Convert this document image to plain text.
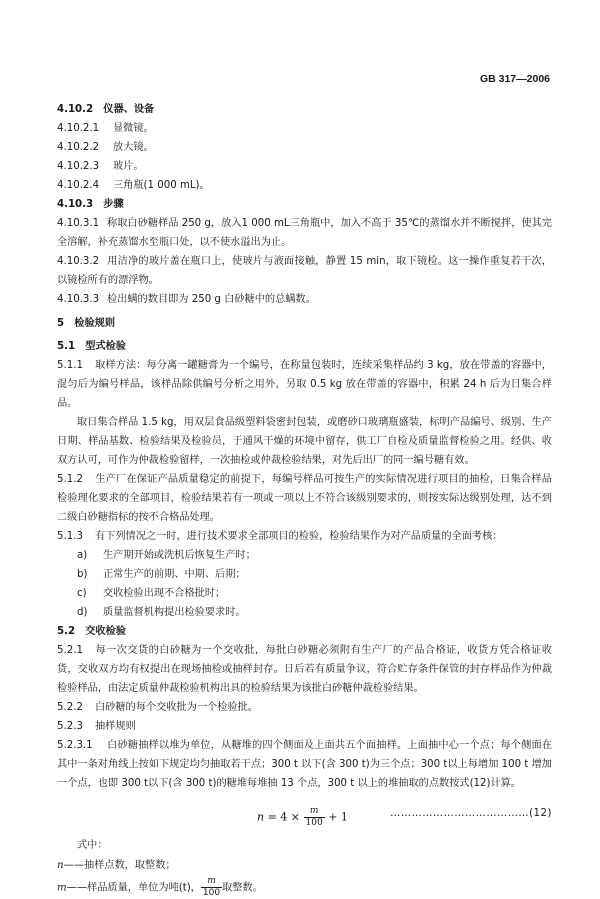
GB 317—2006
4.10.2　仪器、设备
4.10.2.1 显微镜。
4.10.2.2 放大镜。
4.10.2.3 玻片。
4.10.2.4 三角瓶(1 000 mL)。
4.10.3　步骤
4.10.3.1 称取白砂糖样品 250 g，放入1 000 mL三角瓶中，加入不高于 35℃的蒸馏水并不断搅拌，使其完全溶解，补充蒸馏水至瓶口处，以不使水溢出为止。
4.10.3.2 用洁净的玻片盖在瓶口上，使玻片与液面接触，静置 15 min，取下镜检。这一操作重复若干次，以镜检所有的漂浮物。
4.10.3.3 检出螨的数目即为 250 g 白砂糖中的总螨数。
5　检验规则
5.1　型式检验
5.1.1 取样方法：每分离一罐糖膏为一个编号，在称量包装时，连续采集样品约 3 kg，放在带盖的容器中，混匀后为编号样品，该样品除供编号分析之用外，另取 0.5 kg 放在带盖的容器中，积累 24 h 后为日集合样品。
取日集合样品 1.5 kg，用双层食品级塑料袋密封包装，或磨砂口玻璃瓶盛装，标明产品编号、级别、生产日期、样品基数、检验结果及检验员，于通风干燥的环境中留存，供工厂自检及质量监督检验之用。经供、收双方认可，可作为仲裁检验留样，一次抽检或仲裁检验结果，对先后出厂的同一编号糖有效。
5.1.2 生产厂在保证产品质量稳定的前提下，每编号样品可按生产的实际情况进行项目的抽检，日集合样品检验理化要求的全部项目，检验结果若有一项或一项以上不符合该级别要求的，则按实际达级别处理，达不到二级白砂糖指标的按不合格品处理。
5.1.3 有下列情况之一时，进行技术要求全部项目的检验，检验结果作为对产品质量的全面考核：
a) 生产期开始或洗机后恢复生产时；
b) 正常生产的前期、中期、后期；
c) 交收检验出现不合格批时；
d) 质量监督机构提出检验要求时。
5.2　交收检验
5.2.1 每一次交货的白砂糖为一个交收批，每批白砂糖必须附有生产厂的产品合格证，收货方凭合格证收货，交收双方均有权提出在现场抽检或抽样封存。日后若有质量争议，符合贮存条件保管的封存样品作为仲裁检验样品，由法定质量仲裁检验机构出具的检验结果为该批白砂糖仲裁检验结果。
5.2.2 白砂糖的每个交收批为一个检验批。
5.2.3 抽样规则
5.2.3.1 白砂糖抽样以堆为单位，从糖堆的四个侧面及上面共五个面抽样。上面抽中心一个点；每个侧面在其中一条对角线上按如下规定均匀抽取若干点；300 t 以下(含 300 t)为三个点；300 t以上每增加 100 t 增加一个点，也即 300 t以下(含 300 t)的糖堆每堆抽 13 个点，300 t 以上的堆抽取的点数按式(12)计算。
$n = 4 \times \frac{m}{100} + 1$	…………………………………(12)
式中：
n——抽样点数，取整数；
m——样品质量，单位为吨(t)， $\frac{m}{100}$ 取整数。
